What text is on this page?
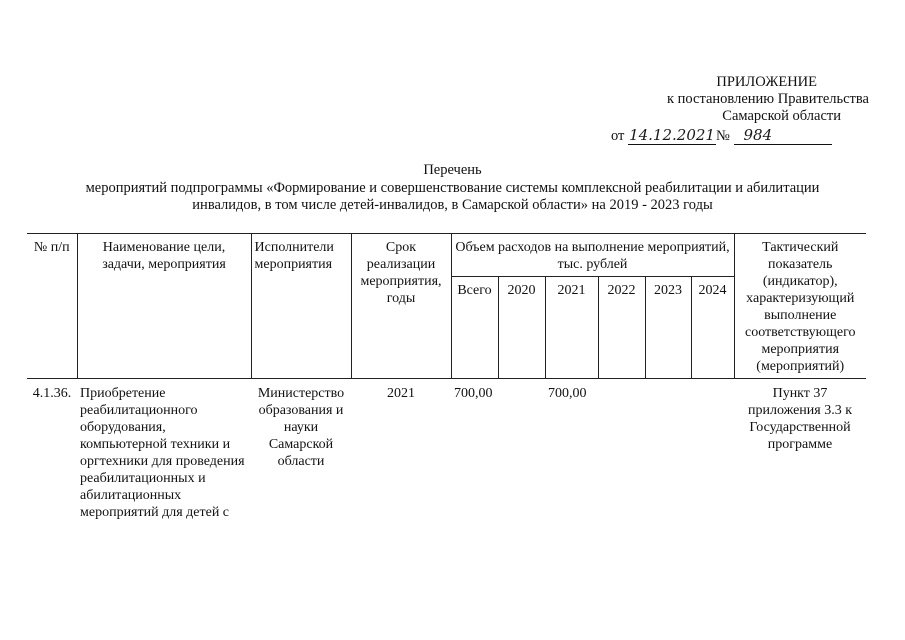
ПРИЛОЖЕНИЕ
к постановлению Правительства
Самарской области
от 14.12.2021№ 984
Перечень
мероприятий подпрограммы «Формирование и совершенствование системы комплексной реабилитации и абилитации
инвалидов, в том числе детей-инвалидов, в Самарской области» на 2019 - 2023 годы
№ п/п	Наименование цели, задачи, мероприятия	Исполнители мероприятия	Срок реализации мероприятия, годы	Объем расходов на выполнение мероприятий, тыс. рублей						Тактический показатель (индикатор), характеризующий выполнение соответствующего мероприятия (мероприятий)
				Всего	2020	2021	2022	2023	2024	
4.1.36.	Приобретение реабилитационного оборудования, компьютерной техники и оргтехники для проведения реабилитационных и абилитационных мероприятий для детей с	Министерство образования и науки Самарской области	2021	700,00		700,00				Пункт 37 приложения 3.3 к Государственной программе
